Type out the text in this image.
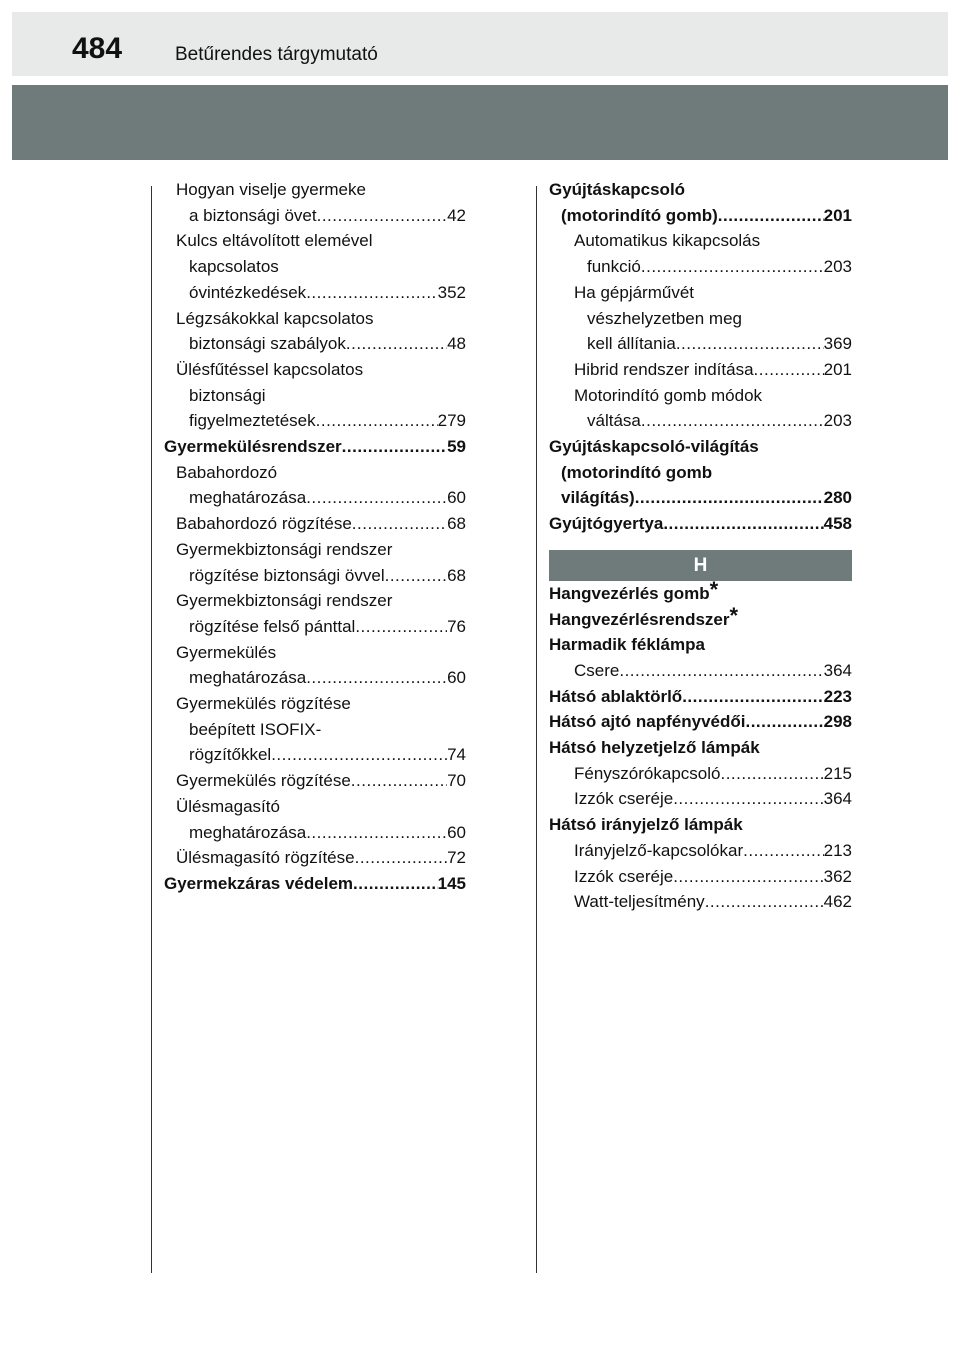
484	Betűrendes tárgymutató
Hogyan viselje gyermeke
a biztonsági övet .....	42
Kulcs eltávolított elemével
kapcsolatos
óvintézkedések .....	352
Légzsákokkal kapcsolatos
biztonsági szabályok .....	48
Ülésfűtéssel kapcsolatos
biztonsági
figyelmeztetések .....	279
Gyermekülésrendszer .....	59
Babahordozó
meghatározása .....	60
Babahordozó rögzítése .....	68
Gyermekbiztonsági rendszer
rögzítése biztonsági övvel .....	68
Gyermekbiztonsági rendszer
rögzítése felső pánttal .....	76
Gyermekülés
meghatározása .....	60
Gyermekülés rögzítése
beépített ISOFIX-
rögzítőkkel .....	74
Gyermekülés rögzítése .....	70
Ülésmagasító
meghatározása .....	60
Ülésmagasító rögzítése .....	72
Gyermekzáras védelem .....	145
Gyújtáskapcsoló
(motorindító gomb) .....	201
Automatikus kikapcsolás
funkció .....	203
Ha gépjárművét
vészhelyzetben meg
kell állítania .....	369
Hibrid rendszer indítása .....	201
Motorindító gomb módok
váltása .....	203
Gyújtáskapcsoló-világítás
(motorindító gomb
világítás) .....	280
Gyújtógyertya .....	458
H
Hangvezérlés gomb*
Hangvezérlésrendszer*
Harmadik féklámpa
Csere .....	364
Hátsó ablaktörlő .....	223
Hátsó ajtó napfényvédői .....	298
Hátsó helyzetjelző lámpák
Fényszórókapcsoló .....	215
Izzók cseréje .....	364
Hátsó irányjelző lámpák
Irányjelző-kapcsolókar .....	213
Izzók cseréje .....	362
Watt-teljesítmény .....	462
